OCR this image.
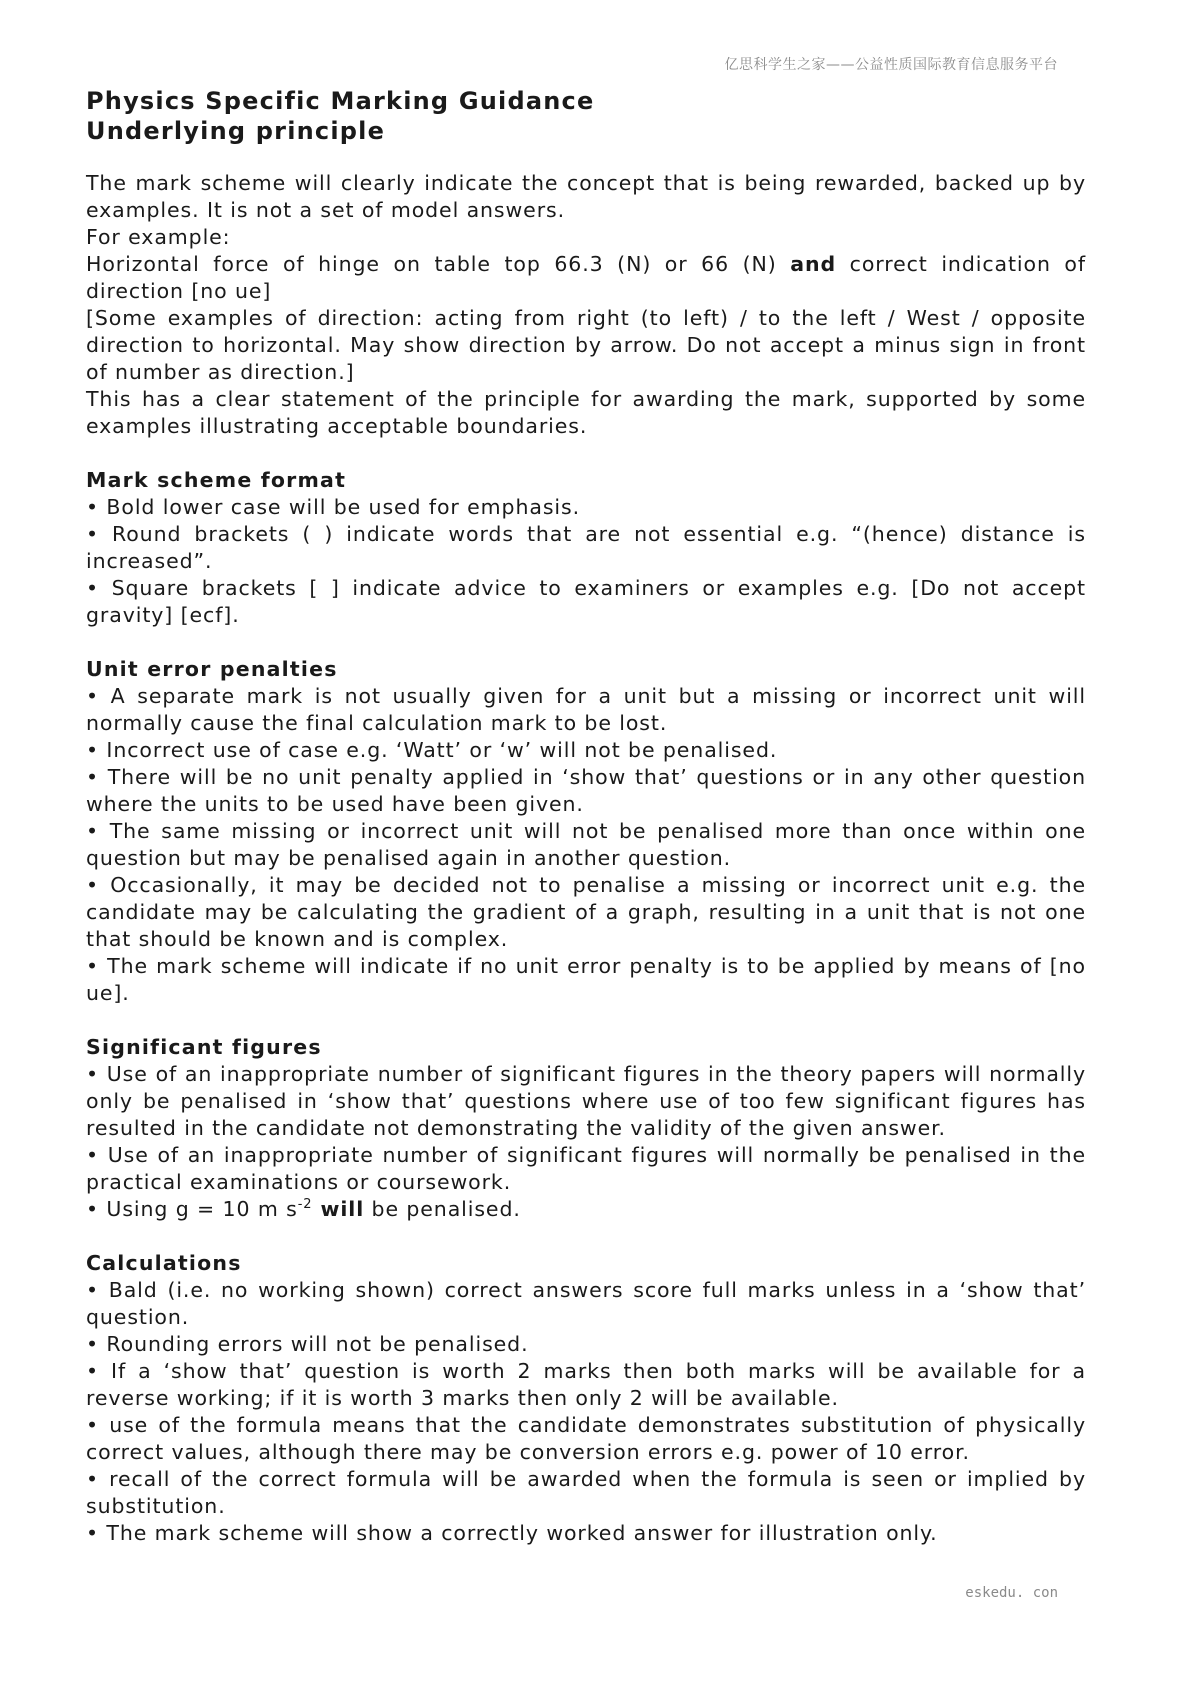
亿思科学生之家——公益性质国际教育信息服务平台

Physics Specific Marking Guidance

Underlying principle

The mark scheme will clearly indicate the concept that is being rewarded, backed up by examples. It is not a set of model answers.

For example:

Horizontal force of hinge on table top 66.3 (N) or 66 (N) and correct indication of direction [no ue]

[Some examples of direction: acting from right (to left) / to the left / West / opposite direction to horizontal. May show direction by arrow. Do not accept a minus sign in front of number as direction.]

This has a clear statement of the principle for awarding the mark, supported by some examples illustrating acceptable boundaries.

Mark scheme format

• Bold lower case will be used for emphasis.

• Round brackets ( ) indicate words that are not essential e.g. “(hence) distance is increased”.

• Square brackets [ ] indicate advice to examiners or examples e.g. [Do not accept gravity] [ecf].

Unit error penalties

• A separate mark is not usually given for a unit but a missing or incorrect unit will normally cause the final calculation mark to be lost.

• Incorrect use of case e.g. ‘Watt’ or ‘w’ will not be penalised.

• There will be no unit penalty applied in ‘show that’ questions or in any other question where the units to be used have been given.

• The same missing or incorrect unit will not be penalised more than once within one question but may be penalised again in another question.

• Occasionally, it may be decided not to penalise a missing or incorrect unit e.g. the candidate may be calculating the gradient of a graph, resulting in a unit that is not one that should be known and is complex.

• The mark scheme will indicate if no unit error penalty is to be applied by means of [no ue].

Significant figures

• Use of an inappropriate number of significant figures in the theory papers will normally only be penalised in ‘show that’ questions where use of too few significant figures has resulted in the candidate not demonstrating the validity of the given answer.

• Use of an inappropriate number of significant figures will normally be penalised in the practical examinations or coursework.

• Using g = 10 m $s^{-2}$ will be penalised.

Calculations

• Bald (i.e. no working shown) correct answers score full marks unless in a ‘show that’ question.

• Rounding errors will not be penalised.

• If a ‘show that’ question is worth 2 marks then both marks will be available for a reverse working; if it is worth 3 marks then only 2 will be available.

• use of the formula means that the candidate demonstrates substitution of physically correct values, although there may be conversion errors e.g. power of 10 error.

• recall of the correct formula will be awarded when the formula is seen or implied by substitution.

• The mark scheme will show a correctly worked answer for illustration only.

eskedu. con
